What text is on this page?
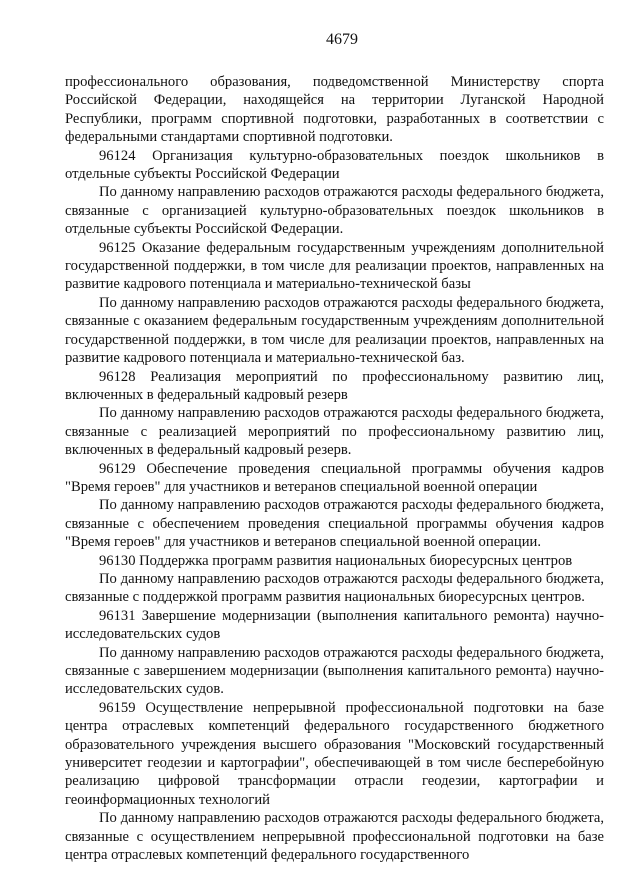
4679

профессионального образования, подведомственной Министерству спорта Российской Федерации, находящейся на территории Луганской Народной Республики, программ спортивной подготовки, разработанных в соответствии с федеральными стандартами спортивной подготовки.

96124 Организация культурно-образовательных поездок школьников в отдельные субъекты Российской Федерации

По данному направлению расходов отражаются расходы федерального бюджета, связанные с организацией культурно-образовательных поездок школьников в отдельные субъекты Российской Федерации.

96125 Оказание федеральным государственным учреждениям дополнительной государственной поддержки, в том числе для реализации проектов, направленных на развитие кадрового потенциала и материально-технической базы

По данному направлению расходов отражаются расходы федерального бюджета, связанные с оказанием федеральным государственным учреждениям дополнительной государственной поддержки, в том числе для реализации проектов, направленных на развитие кадрового потенциала и материально-технической баз.

96128 Реализация мероприятий по профессиональному развитию лиц, включенных в федеральный кадровый резерв

По данному направлению расходов отражаются расходы федерального бюджета, связанные с реализацией мероприятий по профессиональному развитию лиц, включенных в федеральный кадровый резерв.

96129 Обеспечение проведения специальной программы обучения кадров "Время героев" для участников и ветеранов специальной военной операции

По данному направлению расходов отражаются расходы федерального бюджета, связанные с обеспечением проведения специальной программы обучения кадров "Время героев" для участников и ветеранов специальной военной операции.

96130 Поддержка программ развития национальных биоресурсных центров

По данному направлению расходов отражаются расходы федерального бюджета, связанные с поддержкой программ развития национальных биоресурсных центров.

96131 Завершение модернизации (выполнения капитального ремонта) научно-исследовательских судов

По данному направлению расходов отражаются расходы федерального бюджета, связанные с завершением модернизации (выполнения капитального ремонта) научно-исследовательских судов.

96159 Осуществление непрерывной профессиональной подготовки на базе центра отраслевых компетенций федерального государственного бюджетного образовательного учреждения высшего образования "Московский государственный университет геодезии и картографии", обеспечивающей в том числе бесперебойную реализацию цифровой трансформации отрасли геодезии, картографии и геоинформационных технологий

По данному направлению расходов отражаются расходы федерального бюджета, связанные с осуществлением непрерывной профессиональной подготовки на базе центра отраслевых компетенций федерального государственного
